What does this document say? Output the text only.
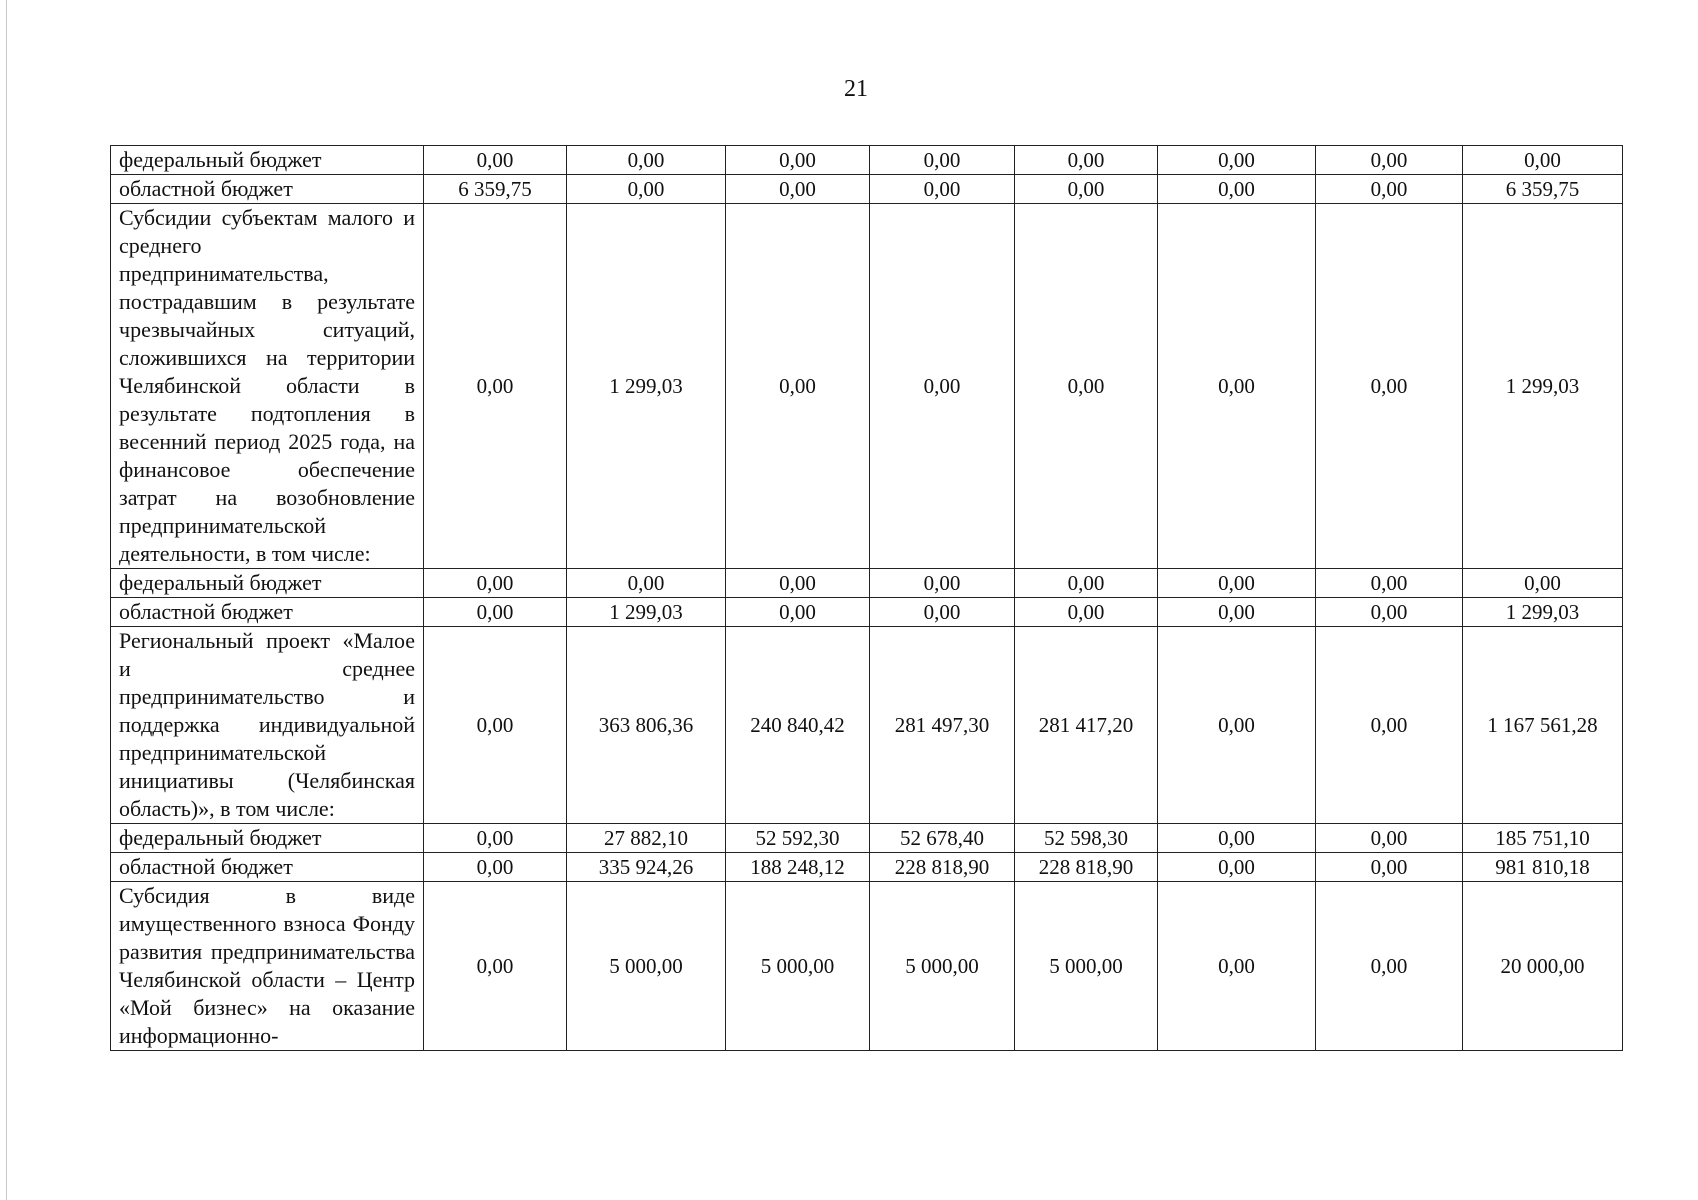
21
федеральный бюджет	0,00	0,00	0,00	0,00	0,00	0,00	0,00	0,00
областной бюджет	6 359,75	0,00	0,00	0,00	0,00	0,00	0,00	6 359,75
Субсидии субъектам малого и среднего предпринимательства, пострадавшим в результате чрезвычайных ситуаций, сложившихся на территории Челябинской области в результате подтопления в весенний период 2025 года, на финансовое обеспечение затрат на возобновление предпринимательской деятельности, в том числе:	0,00	1 299,03	0,00	0,00	0,00	0,00	0,00	1 299,03
федеральный бюджет	0,00	0,00	0,00	0,00	0,00	0,00	0,00	0,00
областной бюджет	0,00	1 299,03	0,00	0,00	0,00	0,00	0,00	1 299,03
Региональный проект «Малое и среднее предпринимательство и поддержка индивидуальной предпринимательской инициативы (Челябинская область)», в том числе:	0,00	363 806,36	240 840,42	281 497,30	281 417,20	0,00	0,00	1 167 561,28
федеральный бюджет	0,00	27 882,10	52 592,30	52 678,40	52 598,30	0,00	0,00	185 751,10
областной бюджет	0,00	335 924,26	188 248,12	228 818,90	228 818,90	0,00	0,00	981 810,18
Субсидия в виде имущественного взноса Фонду развития предпринимательства Челябинской области – Центр «Мой бизнес» на оказание информационно-	0,00	5 000,00	5 000,00	5 000,00	5 000,00	0,00	0,00	20 000,00
